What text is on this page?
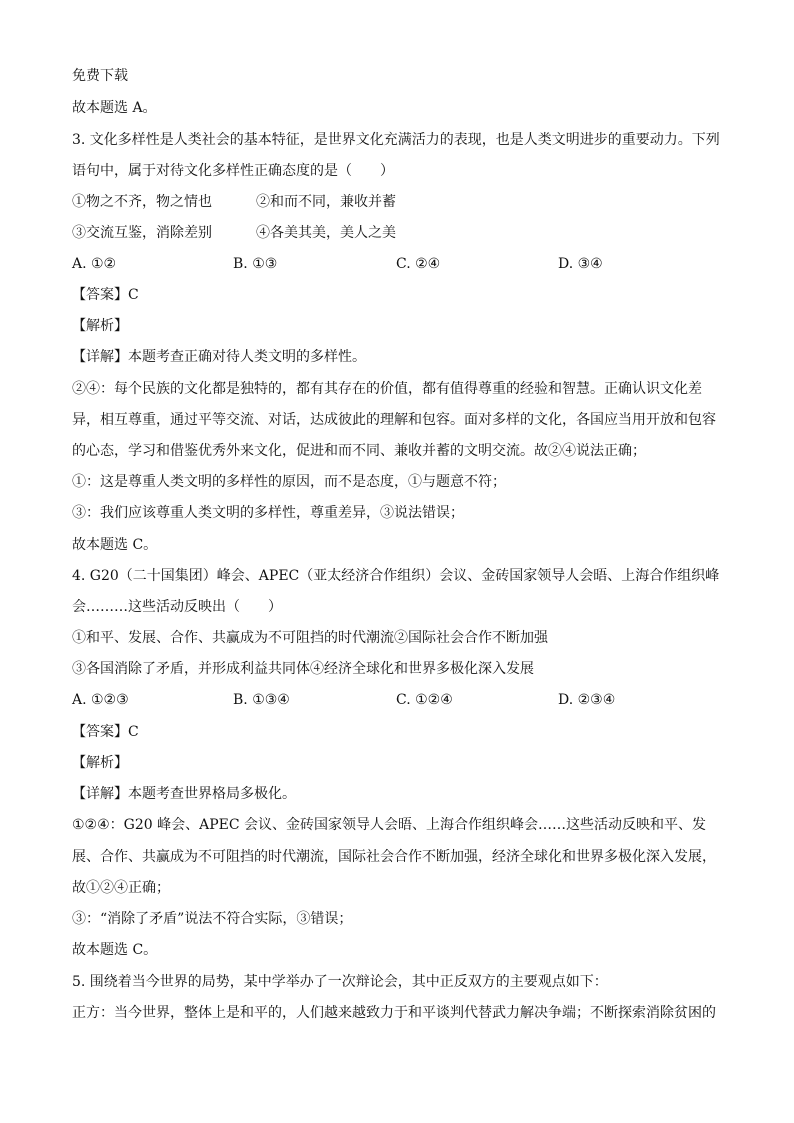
免费下载
故本题选 A。
3. 文化多样性是人类社会的基本特征，是世界文化充满活力的表现，也是人类文明进步的重要动力。下列
语句中，属于对待文化多样性正确态度的是（　　）
①物之不齐，物之情也	②和而不同，兼收并蓄
③交流互鉴，消除差别	④各美其美，美人之美
A. ①②	B. ①③	C. ②④	D. ③④
【答案】C
【解析】
【详解】本题考查正确对待人类文明的多样性。
②④：每个民族的文化都是独特的，都有其存在的价值，都有值得尊重的经验和智慧。正确认识文化差
异，相互尊重，通过平等交流、对话，达成彼此的理解和包容。面对多样的文化，各国应当用开放和包容
的心态，学习和借鉴优秀外来文化，促进和而不同、兼收并蓄的文明交流。故②④说法正确；
①：这是尊重人类文明的多样性的原因，而不是态度，①与题意不符；
③：我们应该尊重人类文明的多样性，尊重差异，③说法错误；
故本题选 C。
4. G20（二十国集团）峰会、APEC（亚太经济合作组织）会议、金砖国家领导人会晤、上海合作组织峰
会………这些活动反映出（　　）
①和平、发展、合作、共赢成为不可阻挡的时代潮流②国际社会合作不断加强
③各国消除了矛盾，并形成利益共同体④经济全球化和世界多极化深入发展
A. ①②③	B. ①③④	C. ①②④	D. ②③④
【答案】C
【解析】
【详解】本题考查世界格局多极化。
①②④：G20 峰会、APEC 会议、金砖国家领导人会晤、上海合作组织峰会……这些活动反映和平、发
展、合作、共赢成为不可阻挡的时代潮流，国际社会合作不断加强，经济全球化和世界多极化深入发展，
故①②④正确；
③：“消除了矛盾”说法不符合实际，③错误；
故本题选 C。
5. 围绕着当今世界的局势，某中学举办了一次辩论会，其中正反双方的主要观点如下：
正方：当今世界，整体上是和平的，人们越来越致力于和平谈判代替武力解决争端；不断探索消除贫困的
